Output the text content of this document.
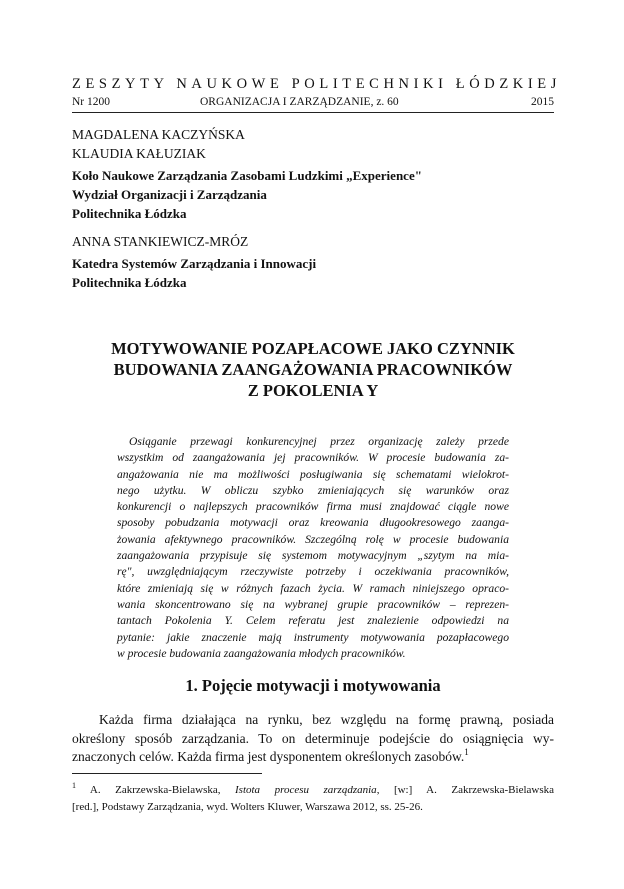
ZESZYTY NAUKOWE POLITECHNIKI ŁÓDZKIEJ
Nr 1200	ORGANIZACJA I ZARZĄDZANIE, z. 60	2015
MAGDALENA KACZYŃSKA
KLAUDIA KAŁUZIAK
Koło Naukowe Zarządzania Zasobami Ludzkimi „Experience"
Wydział Organizacji i Zarządzania
Politechnika Łódzka
ANNA STANKIEWICZ-MRÓZ
Katedra Systemów Zarządzania i Innowacji
Politechnika Łódzka
MOTYWOWANIE POZAPŁACOWE JAKO CZYNNIK
BUDOWANIA ZAANGAŻOWANIA PRACOWNIKÓW
Z POKOLENIA Y
Osiąganie przewagi konkurencyjnej przez organizację zależy przede
wszystkim od zaangażowania jej pracowników. W procesie budowania za-
angażowania nie ma możliwości posługiwania się schematami wielokrot-
nego użytku. W obliczu szybko zmieniających się warunków oraz
konkurencji o najlepszych pracowników firma musi znajdować ciągle nowe
sposoby pobudzania motywacji oraz kreowania długookresowego zaanga-
żowania afektywnego pracowników. Szczególną rolę w procesie budowania
zaangażowania przypisuje się systemom motywacyjnym „szytym na mia-
rę", uwzględniającym rzeczywiste potrzeby i oczekiwania pracowników,
które zmieniają się w różnych fazach życia. W ramach niniejszego opraco-
wania skoncentrowano się na wybranej grupie pracowników – reprezen-
tantach Pokolenia Y. Celem referatu jest znalezienie odpowiedzi na
pytanie: jakie znaczenie mają instrumenty motywowania pozapłacowego
w procesie budowania zaangażowania młodych pracowników.
1. Pojęcie motywacji i motywowania
Każda firma działająca na rynku, bez względu na formę prawną, posiada
określony sposób zarządzania. To on determinuje podejście do osiągnięcia wy-
znaczonych celów. Każda firma jest dysponentem określonych zasobów.$^1$
$^1$ A. Zakrzewska-Bielawska, Istota procesu zarządzania, [w:] A. Zakrzewska-Bielawska
[red.], Podstawy Zarządzania, wyd. Wolters Kluwer, Warszawa 2012, ss. 25-26.
